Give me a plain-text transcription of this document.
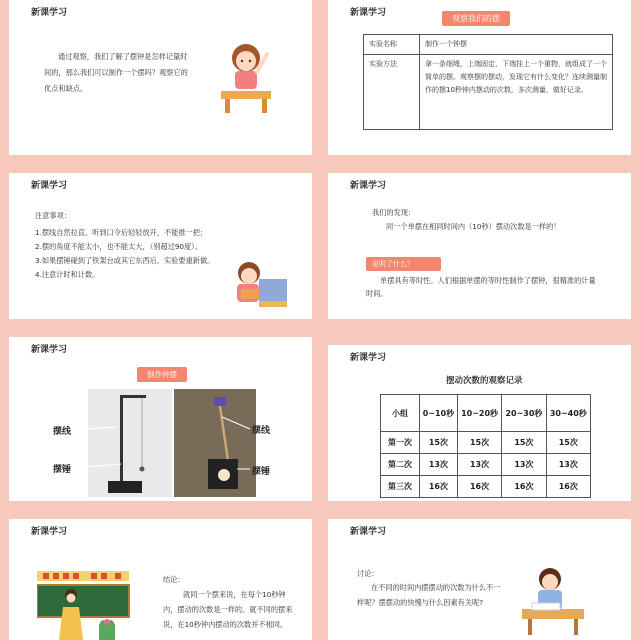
新课学习
通过观察，我们了解了摆钟是怎样记量时间的，那么我们可以制作一个摆吗？观察它的优点和缺点。
新课学习
观察我们的摆
实验名称	制作一个钟摆
实验方法	拿一条细绳，上端固定，下端挂上一个重物，就组成了一个简单的摆。观察摆的摆动，发现它有什么变化？连续测量制作的摆10秒钟内摆动的次数，多次测量，做好记录。
新课学习
注意事项：
1.摆线自然拉直，听到口令后轻轻放开，不能推一把；
2.摆的角度不能太小，也不能太大，（别超过90度）。
3.如果摆锤碰到了铁架台或其它东西后，实验要重新做。
4.注意计时和计数。
新课学习
我们的发现：
同一个单摆在相同时间内（10秒）摆动次数是一样的！
说明了什么？
单摆具有等时性。人们根据单摆的等时性制作了摆钟，很精准的计量时间。
新课学习
制作钟摆
摆线
摆锤
摆线
摆锤
新课学习
摆动次数的观察记录
小组	0~10秒	10~20秒	20~30秒	30~40秒
第一次	15次	15次	15次	15次
第二次	13次	13次	13次	13次
第三次	16次	16次	16次	16次
新课学习
结论：
就同一个摆来说，在每个10秒钟内，摆动的次数是一样的。就不同的摆来说，在10秒钟内摆动的次数并不相同。
新课学习
讨论：
在不同的时间内摆摆动的次数为什么不一样呢？摆摆动的快慢与什么因素有关呢?
